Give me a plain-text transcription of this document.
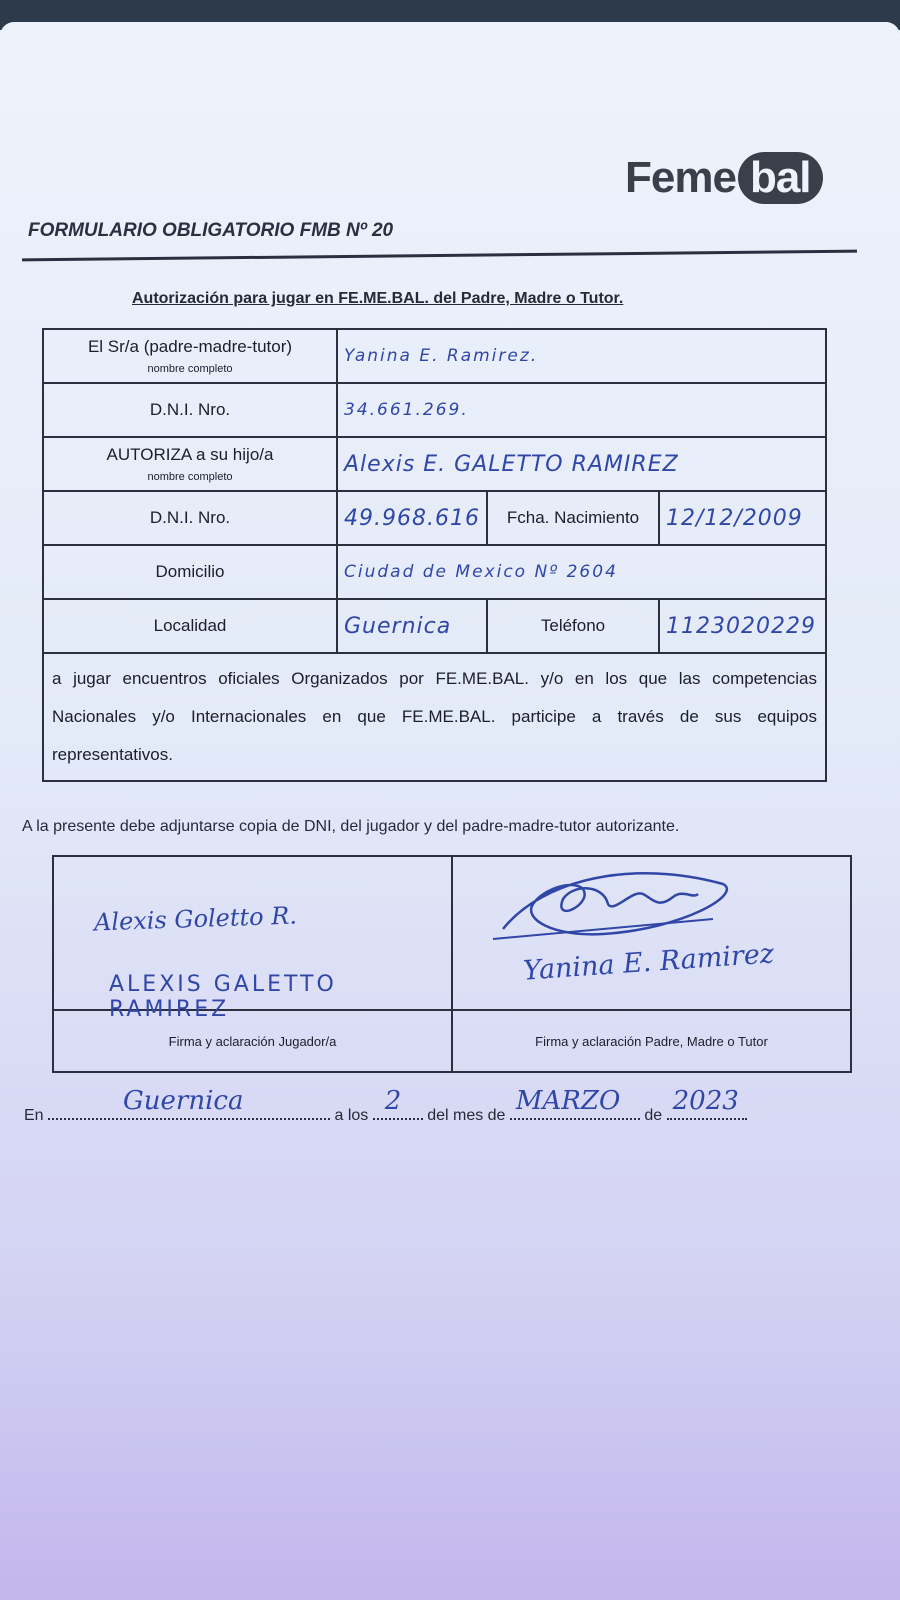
Feme bal
FORMULARIO OBLIGATORIO FMB Nº 20
Autorización para jugar en FE.ME.BAL. del Padre, Madre o Tutor.
El Sr/a (padre-madre-tutor)
nombre completo	Yanina E. Ramirez.		
D.N.I. Nro.	34.661.269.		
AUTORIZA a su hijo/a
nombre completo	Alexis E. GALETTO RAMIREZ		
D.N.I. Nro.	49.968.616	Fcha. Nacimiento	12/12/2009
Domicilio	Ciudad de Mexico Nº 2604		
Localidad	Guernica	Teléfono	1123020229
a jugar encuentros oficiales Organizados por FE.ME.BAL. y/o en los que las competencias Nacionales y/o Internacionales en que FE.ME.BAL. participe a través de sus equipos representativos.			
A la presente debe adjuntarse copia de DNI, del jugador y del padre-madre-tutor autorizante.
Alexis Goletto R.
ALEXIS GALETTO RAMIREZ	Yanina E. Ramirez

Firma y aclaración Jugador/a	Firma y aclaración Padre, Madre o Tutor
En	Guernica	a los 2 del mes de MARZO de 2023
